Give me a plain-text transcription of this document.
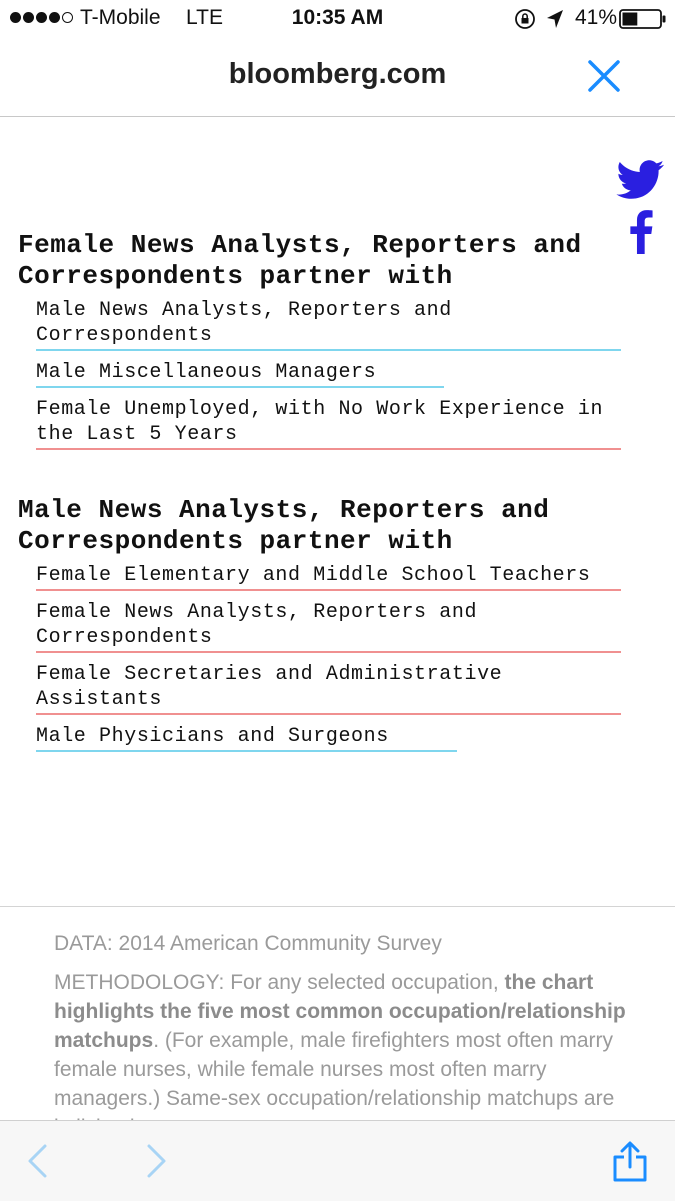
T-Mobile LTE	10:35 AM	41%
bloomberg.com
Female News Analysts, Reporters and Correspondents partner with
Male News Analysts, Reporters and Correspondents
Male Miscellaneous Managers
Female Unemployed, with No Work Experience in the Last 5 Years
Male News Analysts, Reporters and Correspondents partner with
Female Elementary and Middle School Teachers
Female News Analysts, Reporters and Correspondents
Female Secretaries and Administrative Assistants
Male Physicians and Surgeons

DATA: 2014 American Community Survey

METHODOLOGY: For any selected occupation, the chart highlights the five most common occupation/relationship matchups. (For example, male firefighters most often marry female nurses, while female nurses most often marry managers.) Same-sex occupation/relationship matchups are
